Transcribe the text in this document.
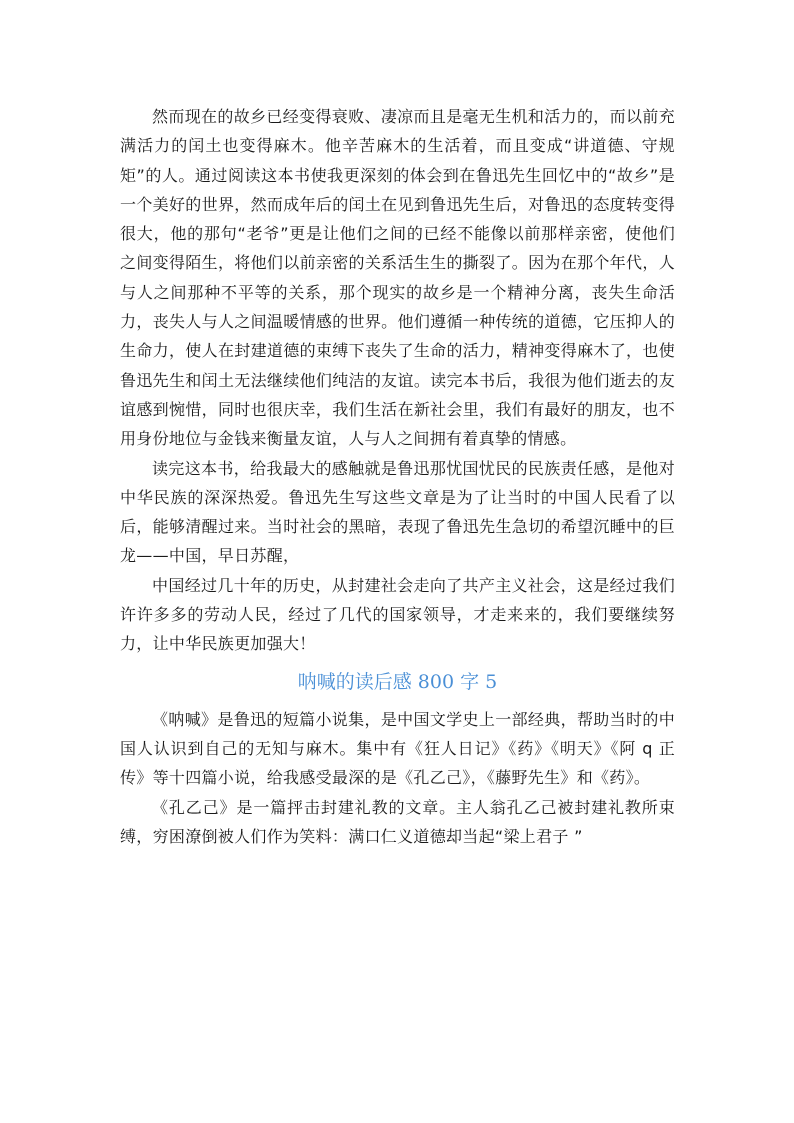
然而现在的故乡已经变得衰败、凄凉而且是毫无生机和活力的，而以前充满活力的闰土也变得麻木。他辛苦麻木的生活着，而且变成“讲道德、守规矩”的人。通过阅读这本书使我更深刻的体会到在鲁迅先生回忆中的“故乡”是一个美好的世界，然而成年后的闰土在见到鲁迅先生后，对鲁迅的态度转变得很大，他的那句“老爷”更是让他们之间的已经不能像以前那样亲密，使他们之间变得陌生，将他们以前亲密的关系活生生的撕裂了。因为在那个年代，人与人之间那种不平等的关系，那个现实的故乡是一个精神分离，丧失生命活力，丧失人与人之间温暖情感的世界。他们遵循一种传统的道德，它压抑人的生命力，使人在封建道德的束缚下丧失了生命的活力，精神变得麻木了，也使鲁迅先生和闰土无法继续他们纯洁的友谊。读完本书后，我很为他们逝去的友谊感到惋惜，同时也很庆幸，我们生活在新社会里，我们有最好的朋友，也不用身份地位与金钱来衡量友谊，人与人之间拥有着真挚的情感。

读完这本书，给我最大的感触就是鲁迅那忧国忧民的民族责任感，是他对中华民族的深深热爱。鲁迅先生写这些文章是为了让当时的中国人民看了以后，能够清醒过来。当时社会的黑暗，表现了鲁迅先生急切的希望沉睡中的巨龙——中国，早日苏醒，

中国经过几十年的历史，从封建社会走向了共产主义社会，这是经过我们许许多多的劳动人民，经过了几代的国家领导，才走来来的，我们要继续努力，让中华民族更加强大！

呐喊的读后感 800 字 5

《呐喊》是鲁迅的短篇小说集，是中国文学史上一部经典，帮助当时的中国人认识到自己的无知与麻木。集中有《狂人日记》《药》《明天》《阿 q 正传》等十四篇小说，给我感受最深的是《孔乙己》，《藤野先生》和《药》。

《孔乙己》是一篇抨击封建礼教的文章。主人翁孔乙己被封建礼教所束缚，穷困潦倒被人们作为笑料：满口仁义道德却当起“梁上君子 ”
